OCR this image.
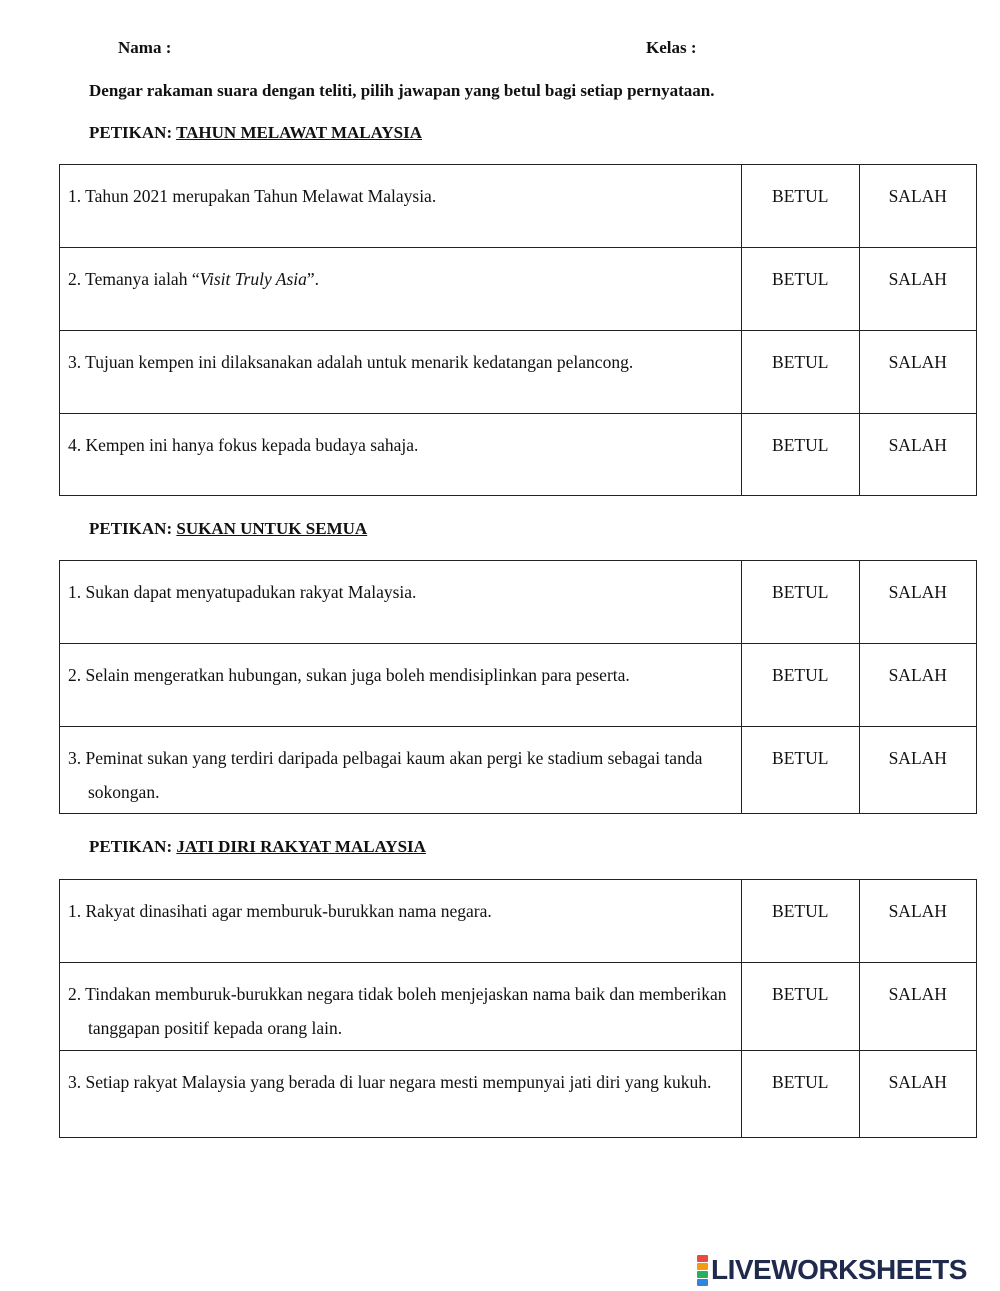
Nama :	Kelas :
Dengar rakaman suara dengan teliti, pilih jawapan yang betul bagi setiap pernyataan.
PETIKAN: TAHUN MELAWAT MALAYSIA
1. Tahun 2021 merupakan Tahun Melawat Malaysia.	BETUL	SALAH

2. Temanya ialah “Visit Truly Asia”.	BETUL	SALAH

3. Tujuan kempen ini dilaksanakan adalah untuk menarik kedatangan pelancong.	BETUL	SALAH

4. Kempen ini hanya fokus kepada budaya sahaja.	BETUL	SALAH
PETIKAN: SUKAN UNTUK SEMUA
1. Sukan dapat menyatupadukan rakyat Malaysia.	BETUL	SALAH

2. Selain mengeratkan hubungan, sukan juga boleh mendisiplinkan para peserta.	BETUL	SALAH

3. Peminat sukan yang terdiri daripada pelbagai kaum akan pergi ke stadium sebagai tanda sokongan.	BETUL	SALAH
PETIKAN: JATI DIRI RAKYAT MALAYSIA
1. Rakyat dinasihati agar memburuk-burukkan nama negara.	BETUL	SALAH

2. Tindakan memburuk-burukkan negara tidak boleh menjejaskan nama baik dan memberikan tanggapan positif kepada orang lain.	BETUL	SALAH

3. Setiap rakyat Malaysia yang berada di luar negara mesti mempunyai jati diri yang kukuh.	BETUL	SALAH
LIVEWORKSHEETS
